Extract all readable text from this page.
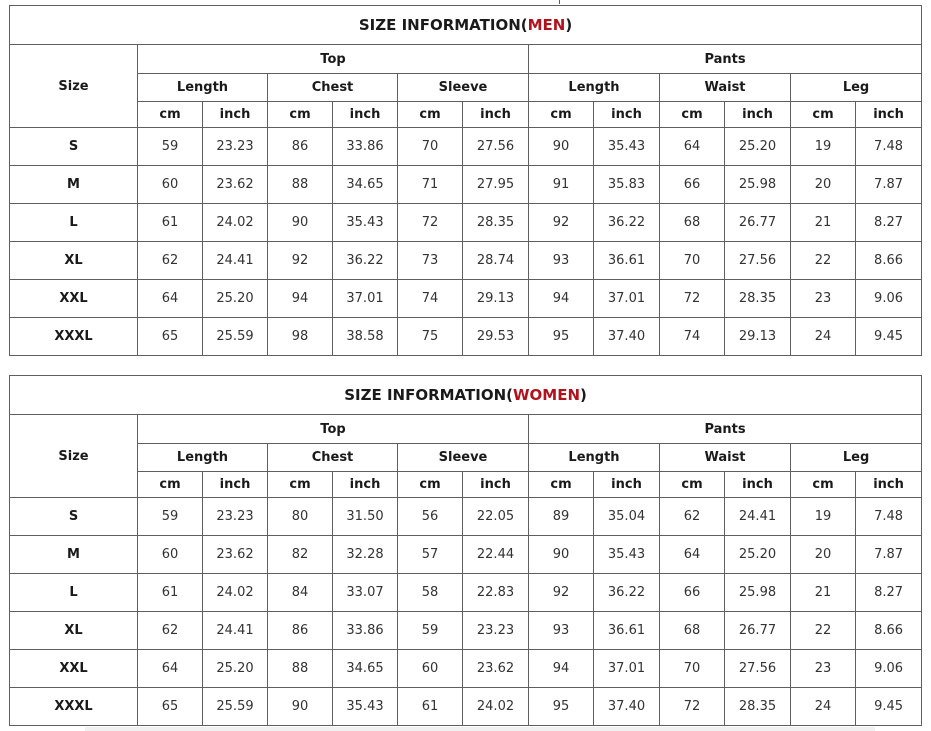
SIZE INFORMATION(MEN)												
Size	Top						Pants					
	Length		Chest		Sleeve		Length		Waist		Leg	
	cm	inch	cm	inch	cm	inch	cm	inch	cm	inch	cm	inch
S	59	23.23	86	33.86	70	27.56	90	35.43	64	25.20	19	7.48
M	60	23.62	88	34.65	71	27.95	91	35.83	66	25.98	20	7.87
L	61	24.02	90	35.43	72	28.35	92	36.22	68	26.77	21	8.27
XL	62	24.41	92	36.22	73	28.74	93	36.61	70	27.56	22	8.66
XXL	64	25.20	94	37.01	74	29.13	94	37.01	72	28.35	23	9.06
XXXL	65	25.59	98	38.58	75	29.53	95	37.40	74	29.13	24	9.45
SIZE INFORMATION(WOMEN)												
Size	Top						Pants					
	Length		Chest		Sleeve		Length		Waist		Leg	
	cm	inch	cm	inch	cm	inch	cm	inch	cm	inch	cm	inch
S	59	23.23	80	31.50	56	22.05	89	35.04	62	24.41	19	7.48
M	60	23.62	82	32.28	57	22.44	90	35.43	64	25.20	20	7.87
L	61	24.02	84	33.07	58	22.83	92	36.22	66	25.98	21	8.27
XL	62	24.41	86	33.86	59	23.23	93	36.61	68	26.77	22	8.66
XXL	64	25.20	88	34.65	60	23.62	94	37.01	70	27.56	23	9.06
XXXL	65	25.59	90	35.43	61	24.02	95	37.40	72	28.35	24	9.45
